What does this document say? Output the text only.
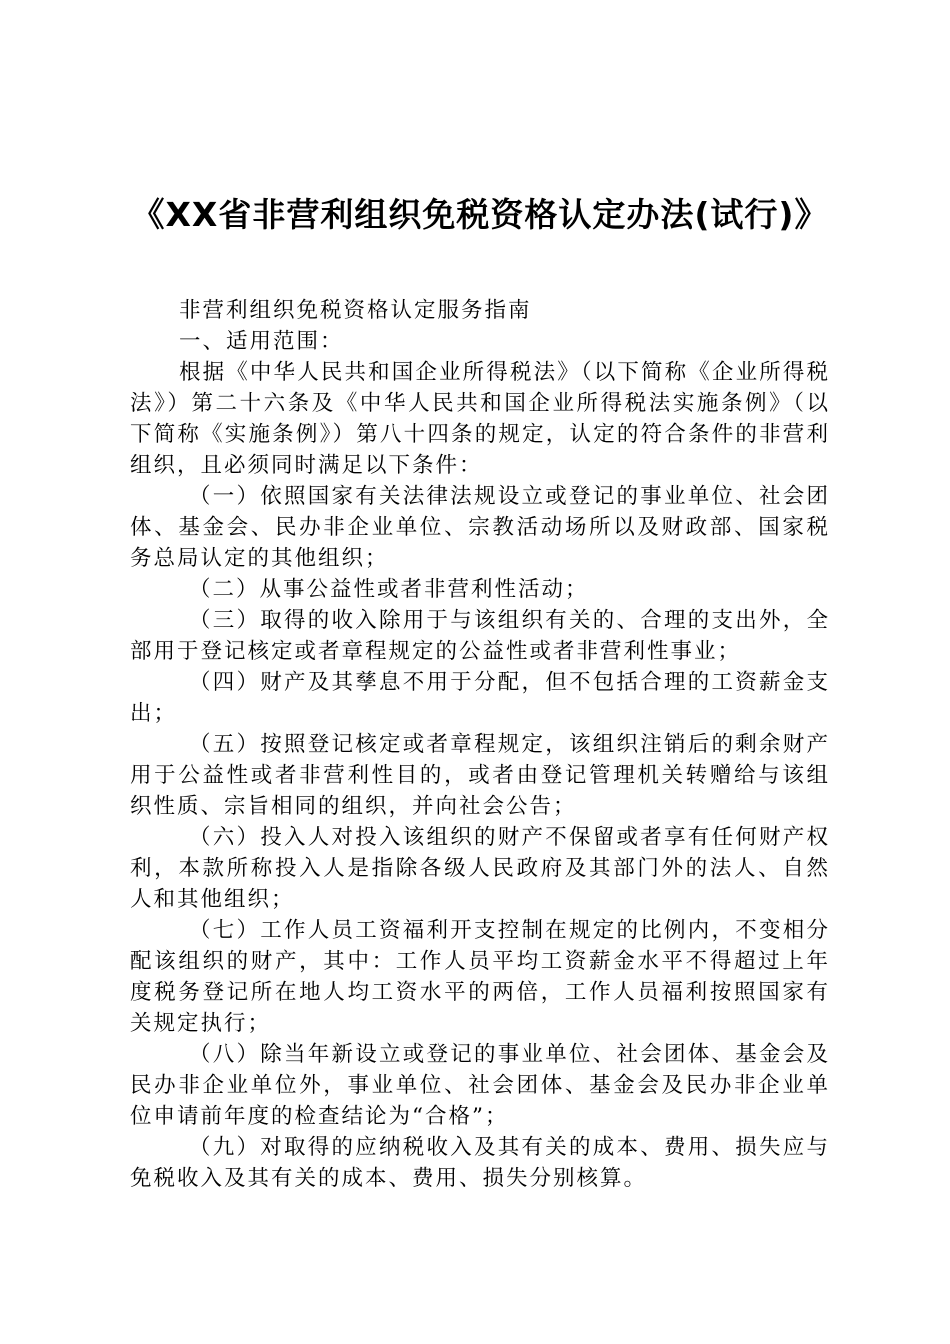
《XX省非营利组织免税资格认定办法(试行)》

非营利组织免税资格认定服务指南

一、适用范围：

根据《中华人民共和国企业所得税法》（以下简称《企业所得税法》）第二十六条及《中华人民共和国企业所得税法实施条例》（以下简称《实施条例》）第八十四条的规定，认定的符合条件的非营利组织，且必须同时满足以下条件：

（一）依照国家有关法律法规设立或登记的事业单位、社会团体、基金会、民办非企业单位、宗教活动场所以及财政部、国家税务总局认定的其他组织；

（二）从事公益性或者非营利性活动；

（三）取得的收入除用于与该组织有关的、合理的支出外，全部用于登记核定或者章程规定的公益性或者非营利性事业；

（四）财产及其孳息不用于分配，但不包括合理的工资薪金支出；

（五）按照登记核定或者章程规定，该组织注销后的剩余财产用于公益性或者非营利性目的，或者由登记管理机关转赠给与该组织性质、宗旨相同的组织，并向社会公告；

（六）投入人对投入该组织的财产不保留或者享有任何财产权利，本款所称投入人是指除各级人民政府及其部门外的法人、自然人和其他组织；

（七）工作人员工资福利开支控制在规定的比例内，不变相分配该组织的财产，其中：工作人员平均工资薪金水平不得超过上年度税务登记所在地人均工资水平的两倍，工作人员福利按照国家有关规定执行；

（八）除当年新设立或登记的事业单位、社会团体、基金会及民办非企业单位外，事业单位、社会团体、基金会及民办非企业单位申请前年度的检查结论为“合格”；

（九）对取得的应纳税收入及其有关的成本、费用、损失应与免税收入及其有关的成本、费用、损失分别核算。
